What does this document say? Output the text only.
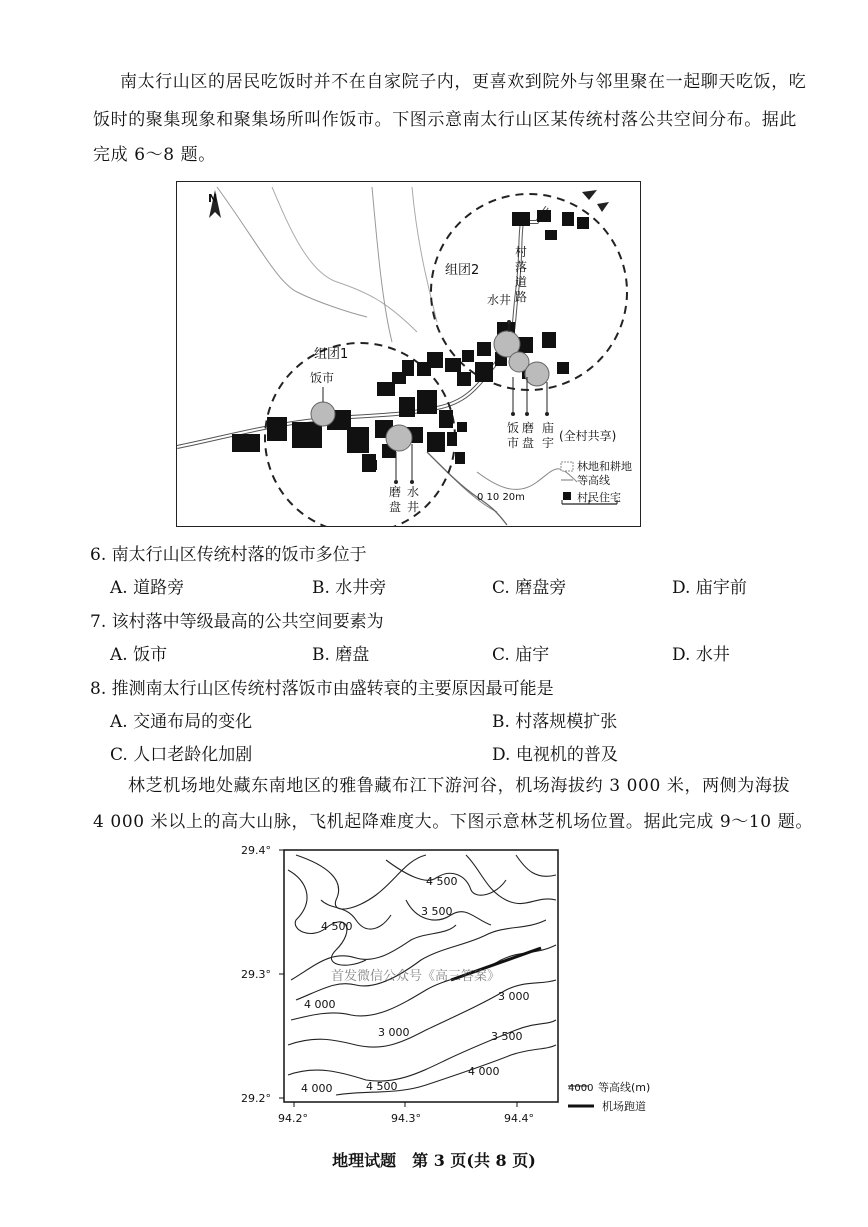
南太行山区的居民吃饭时并不在自家院子内，更喜欢到院外与邻里聚在一起聊天吃饭，吃
饭时的聚集现象和聚集场所叫作饭市。下图示意南太行山区某传统村落公共空间分布。据此
完成 6～8 题。
N
组团1
组团2
饭市
村
落
道
路
水井
饭
市
磨
盘
庙
宇 (全村共享)
磨
盘
水
井
林地和耕地
0 10 20m
等高线
村民住宅
6. 南太行山区传统村落的饭市多位于
A. 道路旁	B. 水井旁	C. 磨盘旁	D. 庙宇前
7. 该村落中等级最高的公共空间要素为
A. 饭市	B. 磨盘	C. 庙宇	D. 水井
8. 推测南太行山区传统村落饭市由盛转衰的主要原因最可能是
A. 交通布局的变化	B. 村落规模扩张
C. 人口老龄化加剧	D. 电视机的普及
林芝机场地处藏东南地区的雅鲁藏布江下游河谷，机场海拔约 3 000 米，两侧为海拔
4 000 米以上的高大山脉，飞机起降难度大。下图示意林芝机场位置。据此完成 9～10 题。
4 500
3 500
4 500
4 000
3 000	3 500
4 000	4 500
4 000
3 000
首发微信公众号《高三答案》
29.4°
29.3°
29.2°
94.2°	94.3°	94.4°
4000 等高线(m)
机场跑道
地理试题　第 3 页(共 8 页)
